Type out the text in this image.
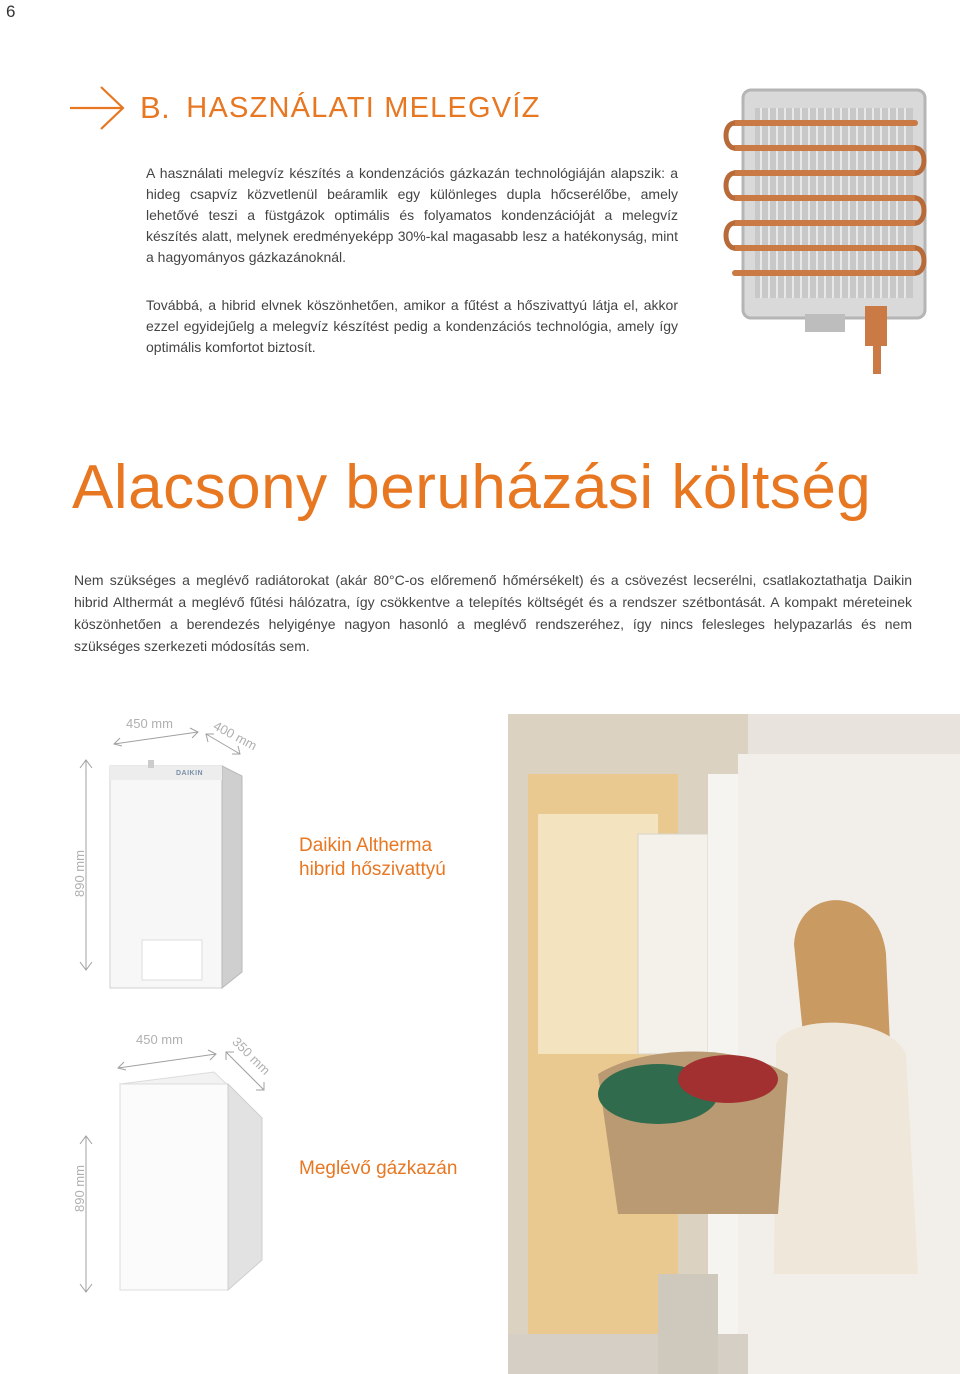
6
B. HASZNÁLATI MELEGVÍZ

A használati melegvíz készítés a kondenzációs gázkazán technológiáján alapszik: a hideg csapvíz közvetlenül beáramlik egy különleges dupla hőcserélőbe, amely lehetővé teszi a füstgázok optimális és folyamatos kondenzációját a melegvíz készítés alatt, melynek eredményeképp 30%-kal magasabb lesz a hatékonyság, mint a hagyományos gázkazánoknál.

Továbbá, a hibrid elvnek köszönhetően, amikor a fűtést a hőszivattyú látja el, akkor ezzel egyidejűelg a melegvíz készítést pedig a kondenzációs technológia, amely így optimális komfortot biztosít.

Alacsony beruházási költség

Nem szükséges a meglévő radiátorokat (akár 80°C-os előremenő hőmérsékelt) és a csövezést lecserélni, csatlakoztathatja Daikin hibrid Althermát a meglévő fűtési hálózatra, így csökkentve a telepítés költségét és a rendszer szétbontását. A kompakt méreteinek köszönhetően a berendezés helyigénye nagyon hasonló a meglévő rendszeréhez, így nincs felesleges helypazarlás és nem szükséges szerkezeti módosítás sem.

450 mm	400 mm
890 mm
DAIKIN
Daikin Altherma
hibrid hőszivattyú
450 mm	350 mm
890 mm	Meglévő gázkazán
